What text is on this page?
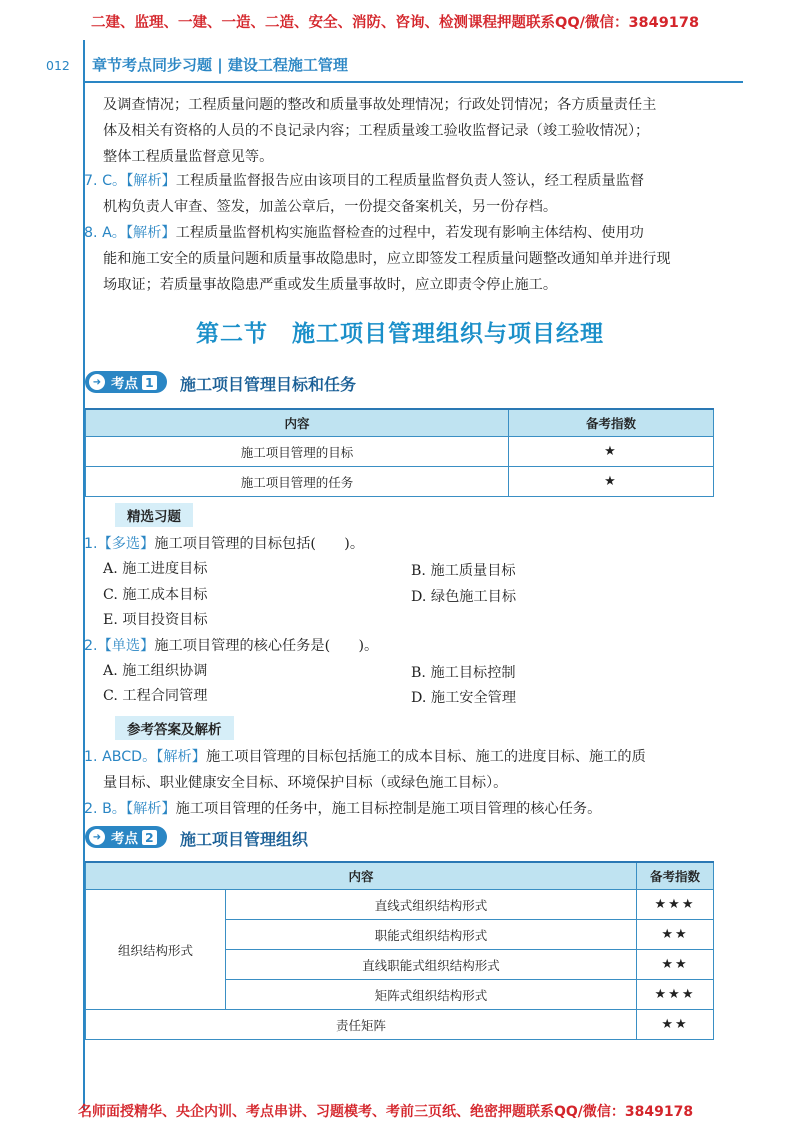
二建、监理、一建、一造、二造、安全、消防、咨询、检测课程押题联系QQ/微信：3849178
012 章节考点同步习题 | 建设工程施工管理
及调查情况；工程质量问题的整改和质量事故处理情况；行政处罚情况；各方质量责任主
体及相关有资格的人员的不良记录内容；工程质量竣工验收监督记录（竣工验收情况）；
整体工程质量监督意见等。
7. C。【解析】工程质量监督报告应由该项目的工程质量监督负责人签认，经工程质量监督
机构负责人审查、签发，加盖公章后，一份提交备案机关，另一份存档。
8. A。【解析】工程质量监督机构实施监督检查的过程中，若发现有影响主体结构、使用功
能和施工安全的质量问题和质量事故隐患时，应立即签发工程质量问题整改通知单并进行现
场取证；若质量事故隐患严重或发生质量事故时，应立即责令停止施工。
第二节　施工项目管理组织与项目经理
➜ 考点 1 施工项目管理目标和任务
内容	备考指数
施工项目管理的目标	★
施工项目管理的任务	★
精选习题
1.【多选】施工项目管理的目标包括(　　)。
A. 施工进度目标	B. 施工质量目标
C. 施工成本目标	D. 绿色施工目标
E. 项目投资目标
2.【单选】施工项目管理的核心任务是(　　)。
A. 施工组织协调	B. 施工目标控制
C. 工程合同管理	D. 施工安全管理
参考答案及解析
1. ABCD。【解析】施工项目管理的目标包括施工的成本目标、施工的进度目标、施工的质
量目标、职业健康安全目标、环境保护目标（或绿色施工目标）。
2. B。【解析】施工项目管理的任务中，施工目标控制是施工项目管理的核心任务。
➜ 考点 2 施工项目管理组织
内容		备考指数
组织结构形式	直线式组织结构形式	★★★
	职能式组织结构形式	★★
	直线职能式组织结构形式	★★
	矩阵式组织结构形式	★★★
责任矩阵		★★
名师面授精华、央企内训、考点串讲、习题模考、考前三页纸、绝密押题联系QQ/微信：3849178
